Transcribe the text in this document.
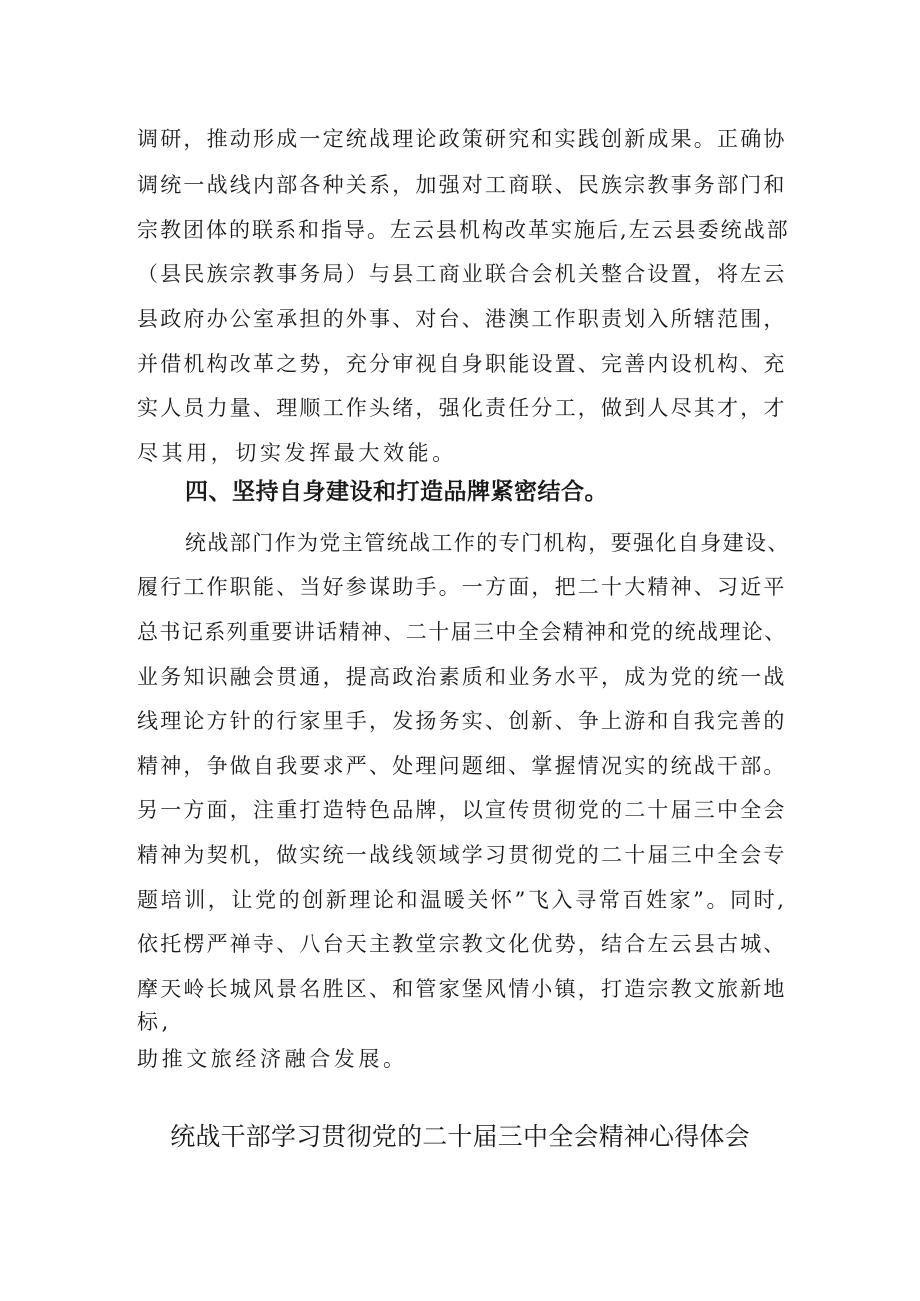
调研，推动形成一定统战理论政策研究和实践创新成果。正确协
调统一战线内部各种关系，加强对工商联、民族宗教事务部门和
宗教团体的联系和指导。左云县机构改革实施后,左云县委统战部
（县民族宗教事务局）与县工商业联合会机关整合设置，将左云
县政府办公室承担的外事、对台、港澳工作职责划入所辖范围，
并借机构改革之势，充分审视自身职能设置、完善内设机构、充
实人员力量、理顺工作头绪，强化责任分工，做到人尽其才，才
尽其用，切实发挥最大效能。
四、坚持自身建设和打造品牌紧密结合。
统战部门作为党主管统战工作的专门机构，要强化自身建设、
履行工作职能、当好参谋助手。一方面，把二十大精神、习近平
总书记系列重要讲话精神、二十届三中全会精神和党的统战理论、
业务知识融会贯通，提高政治素质和业务水平，成为党的统一战
线理论方针的行家里手，发扬务实、创新、争上游和自我完善的
精神，争做自我要求严、处理问题细、掌握情况实的统战干部。
另一方面，注重打造特色品牌，以宣传贯彻党的二十届三中全会
精神为契机，做实统一战线领域学习贯彻党的二十届三中全会专
题培训，让党的创新理论和温暖关怀”飞入寻常百姓家”。同时,
依托楞严禅寺、八台天主教堂宗教文化优势，结合左云县古城、
摩天岭长城风景名胜区、和管家堡风情小镇，打造宗教文旅新地
标,
助推文旅经济融合发展。
统战干部学习贯彻党的二十届三中全会精神心得体会
